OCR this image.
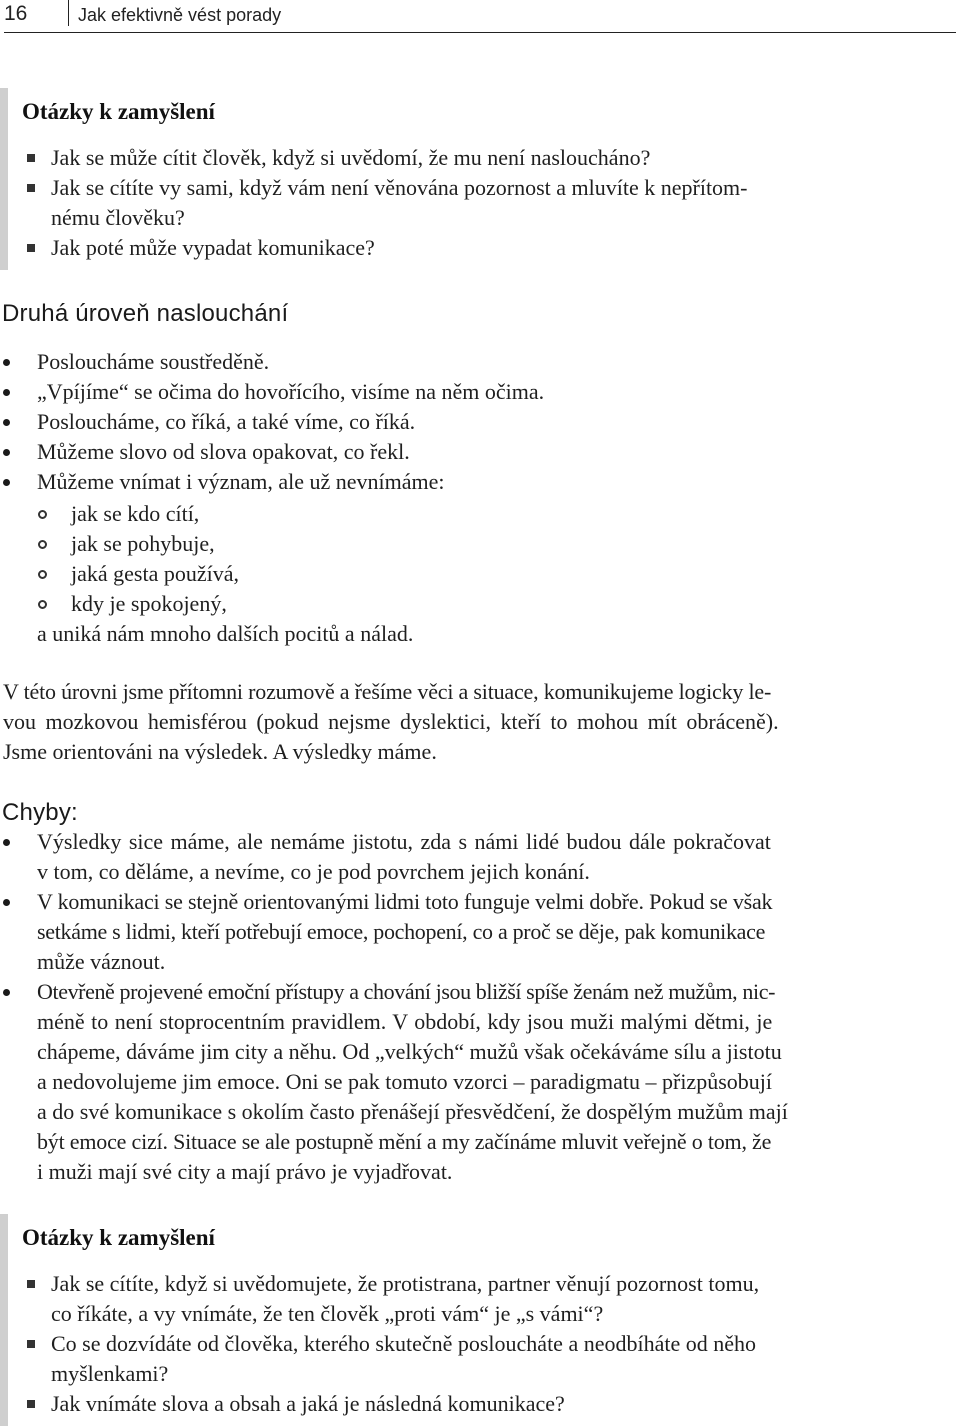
16	Jak efektivně vést porady
Otázky k zamyšlení
Jak se může cítit člověk, když si uvědomí, že mu není nasloucháno?
Jak se cítíte vy sami, když vám není věnována pozornost a mluvíte k nepřítom-
nému člověku?
Jak poté může vypadat komunikace?
Druhá úroveň naslouchání
Posloucháme soustředěně.
„Vpíjíme“ se očima do hovořícího, visíme na něm očima.
Posloucháme, co říká, a také víme, co říká.
Můžeme slovo od slova opakovat, co řekl.
Můžeme vnímat i význam, ale už nevnímáme:
jak se kdo cítí,
jak se pohybuje,
jaká gesta používá,
kdy je spokojený,
a uniká nám mnoho dalších pocitů a nálad.
V této úrovni jsme přítomni rozumově a řešíme věci a situace, komunikujeme logicky le-
vou mozkovou hemisférou (pokud nejsme dyslektici, kteří to mohou mít obráceně).
Jsme orientováni na výsledek. A výsledky máme.
Chyby:
Výsledky sice máme, ale nemáme jistotu, zda s námi lidé budou dále pokračovat
v tom, co děláme, a nevíme, co je pod povrchem jejich konání.
V komunikaci se stejně orientovanými lidmi toto funguje velmi dobře. Pokud se však
setkáme s lidmi, kteří potřebují emoce, pochopení, co a proč se děje, pak komunikace
může váznout.
Otevřeně projevené emoční přístupy a chování jsou bližší spíše ženám než mužům, nic-
méně to není stoprocentním pravidlem. V období, kdy jsou muži malými dětmi, je
chápeme, dáváme jim city a něhu. Od „velkých“ mužů však očekáváme sílu a jistotu
a nedovolujeme jim emoce. Oni se pak tomuto vzorci – paradigmatu – přizpůsobují
a do své komunikace s okolím často přenášejí přesvědčení, že dospělým mužům mají
být emoce cizí. Situace se ale postupně mění a my začínáme mluvit veřejně o tom, že
i muži mají své city a mají právo je vyjadřovat.
Otázky k zamyšlení
Jak se cítíte, když si uvědomujete, že protistrana, partner věnují pozornost tomu,
co říkáte, a vy vnímáte, že ten člověk „proti vám“ je „s vámi“?
Co se dozvídáte od člověka, kterého skutečně posloucháte a neodbíháte od něho
myšlenkami?
Jak vnímáte slova a obsah a jaká je následná komunikace?
